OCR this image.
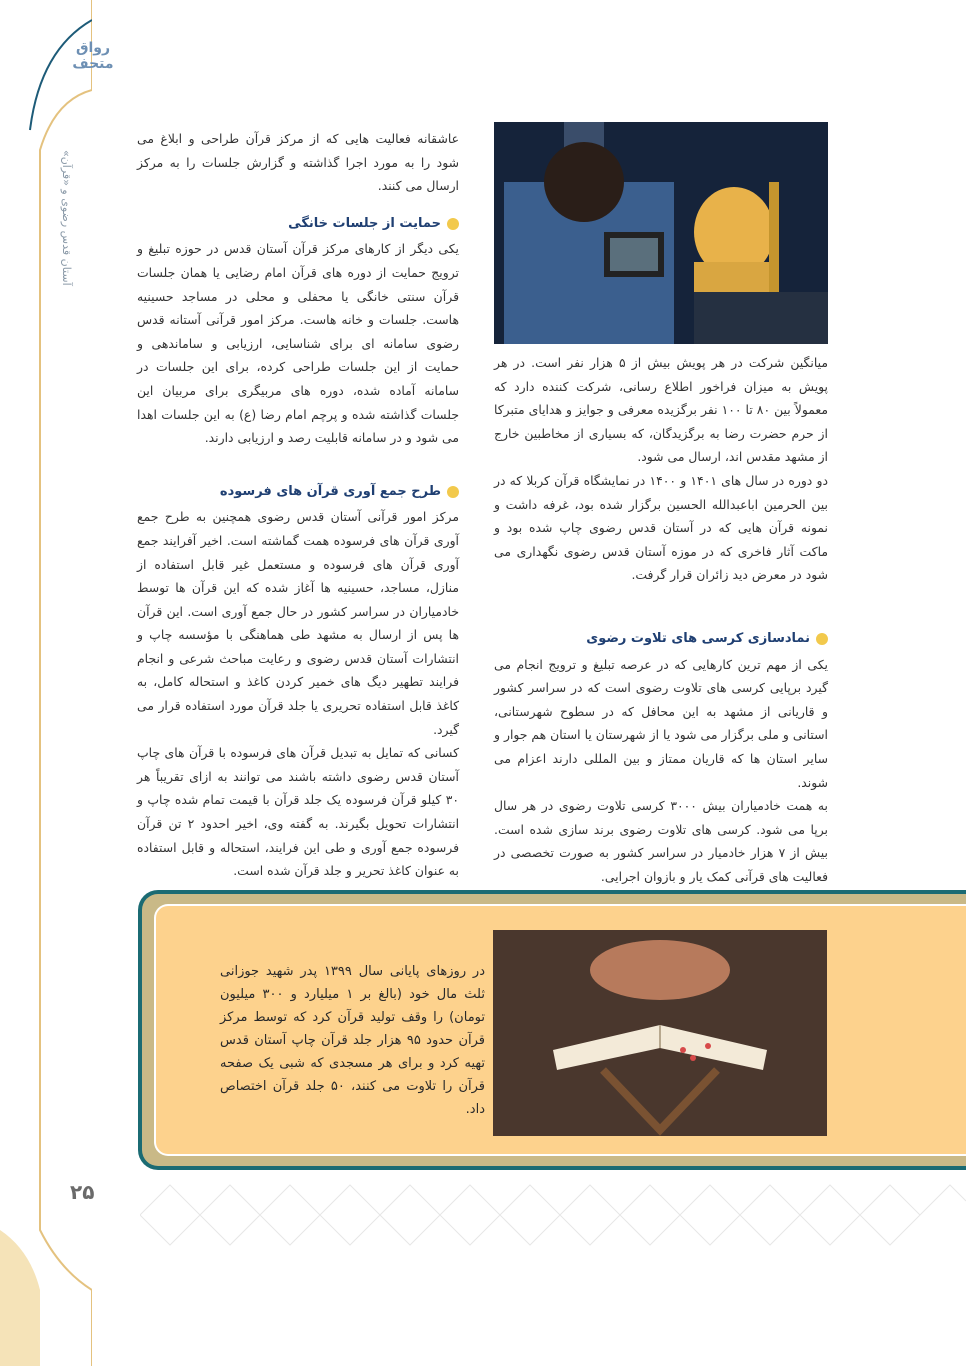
رواق متحف
آستان قدس رضوی و «قرآن»
۲۵

عاشقانه فعالیت هایی که از مرکز قرآن طراحی و ابلاغ می شود را به مورد اجرا گذاشته و گزارش جلسات را به مرکز ارسال می کنند.

حمایت از جلسات خانگی

یکی دیگر از کارهای مرکز قرآن آستان قدس در حوزه تبلیغ و ترویج حمایت از دوره های قرآن امام رضایی یا همان جلسات قرآن سنتی خانگی یا محفلی و محلی در مساجد حسینیه هاست. جلسات و خانه هاست. مرکز امور قرآنی آستانه قدس رضوی سامانه ای برای شناسایی، ارزیابی و ساماندهی و حمایت از این جلسات طراحی کرده، برای این جلسات در سامانه آماده شده، دوره های مربیگری برای مربیان این جلسات گذاشته شده و پرچم امام رضا (ع) به این جلسات اهدا می شود و در سامانه قابلیت رصد و ارزیابی دارند.

طرح جمع آوری قرآن های فرسوده

مرکز امور قرآنی آستان قدس رضوی همچنین به طرح جمع آوری قرآن های فرسوده همت گماشته است. اخیر آفرایند جمع آوری قرآن های فرسوده و مستعمل غیر قابل استفاده از منازل، مساجد، حسینیه ها آغاز شده که این قرآن ها توسط خادمیاران در سراسر کشور در حال جمع آوری است. این قرآن ها پس از ارسال به مشهد طی هماهنگی با مؤسسه چاپ و انتشارات آستان قدس رضوی و رعایت مباحث شرعی و انجام فرایند تطهیر دیگ های خمیر کردن کاغذ و استحاله کامل، به کاغذ قابل استفاده تحریری یا جلد قرآن مورد استفاده قرار می گیرد.

کسانی که تمایل به تبدیل قرآن های فرسوده با قرآن های چاپ آستان قدس رضوی داشته باشند می توانند به ازای تقریباً هر ۳۰ کیلو قرآن فرسوده یک جلد قرآن با قیمت تمام شده چاپ و انتشارات تحویل بگیرند. به گفته وی، اخیر احدود ۲ تن قرآن فرسوده جمع آوری و طی این فرایند، استحاله و قابل استفاده به عنوان کاغذ تحریر و جلد قرآن شده است.

میانگین شرکت در هر پویش بیش از ۵ هزار نفر است. در هر پویش به میزان فراخور اطلاع رسانی، شرکت کننده دارد که معمولاً بین ۸۰ تا ۱۰۰ نفر برگزیده معرفی و جوایز و هدایای متبرکا از حرم حضرت رضا به برگزیدگان، که بسیاری از مخاطبین خارج از مشهد مقدس اند، ارسال می شود.

دو دوره در سال های ۱۴۰۱ و ۱۴۰۰ در نمایشگاه قرآن کربلا که در بین الحرمین اباعبدالله الحسین برگزار شده بود، غرفه داشت و نمونه قرآن هایی که در آستان قدس رضوی چاپ شده بود و ماکت آثار فاخری که در موزه آستان قدس رضوی نگهداری می شود در معرض دید زائران قرار گرفت.

نمادسازی کرسی های تلاوت رضوی

یکی از مهم ترین کارهایی که در عرصه تبلیغ و ترویج انجام می گیرد برپایی کرسی های تلاوت رضوی است که در سراسر کشور و قاریانی از مشهد به این محافل که در سطوح شهرستانی، استانی و ملی برگزار می شود یا از شهرستان یا استان هم جوار و سایر استان ها که قاریان ممتاز و بین المللی دارند اعزام می شوند.

به همت خادمیاران بیش ۳۰۰۰ کرسی تلاوت رضوی در هر سال برپا می شود. کرسی های تلاوت رضوی برند سازی شده است. بیش از ۷ هزار خادمیار در سراسر کشور به صورت تخصصی در فعالیت های قرآنی کمک یار و بازوان اجرایی.

در روزهای پایانی سال ۱۳۹۹ پدر شهید جوزانی ثلث مال خود (بالغ بر ۱ میلیارد و ۳۰۰ میلیون تومان) را وقف تولید قرآن کرد که توسط مرکز قرآن حدود ۹۵ هزار جلد قرآن چاپ آستان قدس تهیه کرد و برای هر مسجدی که شبی یک صفحه قرآن را تلاوت می کنند، ۵۰ جلد قرآن اختصاص داد.
